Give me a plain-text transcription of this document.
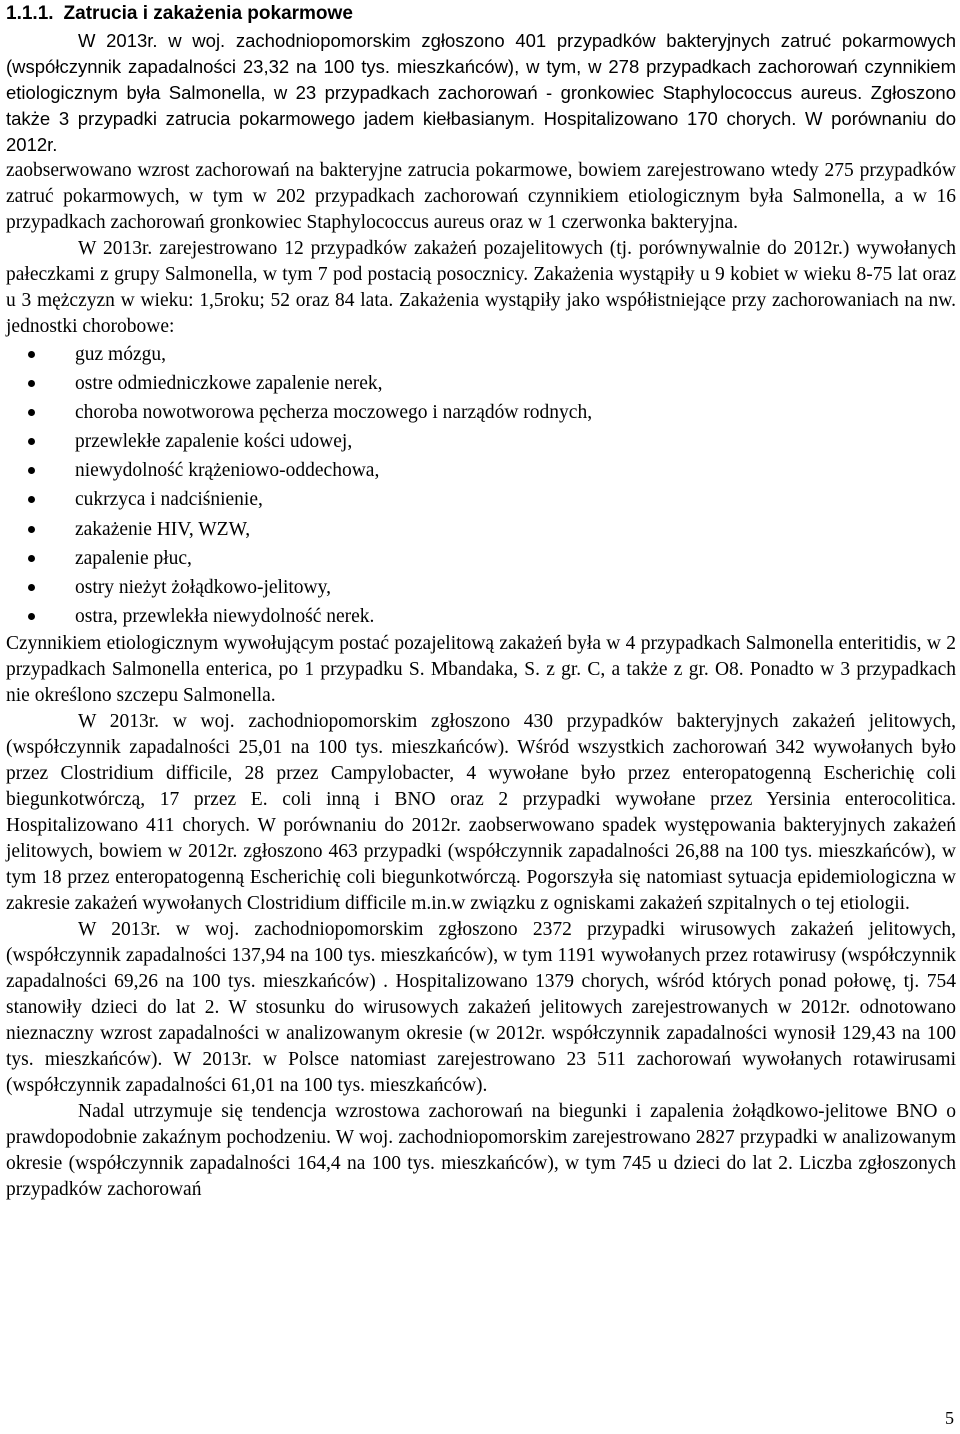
1.1.1. Zatrucia i zakażenia pokarmowe

W 2013r. w woj. zachodniopomorskim zgłoszono 401 przypadków bakteryjnych zatruć pokarmowych (współczynnik zapadalności 23,32 na 100 tys. mieszkańców), w tym, w 278 przypadkach zachorowań czynnikiem etiologicznym była Salmonella, w 23 przypadkach zachorowań - gronkowiec Staphylococcus aureus. Zgłoszono także 3 przypadki zatrucia pokarmowego jadem kiełbasianym. Hospitalizowano 170 chorych. W porównaniu do 2012r.

zaobserwowano wzrost zachorowań na bakteryjne zatrucia pokarmowe, bowiem zarejestrowano wtedy 275 przypadków zatruć pokarmowych, w tym w 202 przypadkach zachorowań czynnikiem etiologicznym była Salmonella, a w 16 przypadkach zachorowań gronkowiec Staphylococcus aureus oraz w 1 czerwonka bakteryjna.

W 2013r. zarejestrowano 12 przypadków zakażeń pozajelitowych (tj. porównywalnie do 2012r.) wywołanych pałeczkami z grupy Salmonella, w tym 7 pod postacią posocznicy. Zakażenia wystąpiły u 9 kobiet w wieku 8-75 lat oraz u 3 mężczyzn w wieku: 1,5roku; 52 oraz 84 lata. Zakażenia wystąpiły jako współistniejące przy zachorowaniach na nw. jednostki chorobowe:

guz mózgu,
ostre odmiedniczkowe zapalenie nerek,
choroba nowotworowa pęcherza moczowego i narządów rodnych,
przewlekłe zapalenie kości udowej,
niewydolność krążeniowo-oddechowa,
cukrzyca i nadciśnienie,
zakażenie HIV, WZW,
zapalenie płuc,
ostry nieżyt żołądkowo-jelitowy,
ostra, przewlekła niewydolność nerek.

Czynnikiem etiologicznym wywołującym postać pozajelitową zakażeń była w 4 przypadkach Salmonella enteritidis, w 2 przypadkach Salmonella enterica, po 1 przypadku S. Mbandaka, S. z gr. C, a także z gr. O8. Ponadto w 3 przypadkach nie określono szczepu Salmonella.

W 2013r. w woj. zachodniopomorskim zgłoszono 430 przypadków bakteryjnych zakażeń jelitowych, (współczynnik zapadalności 25,01 na 100 tys. mieszkańców). Wśród wszystkich zachorowań 342 wywołanych było przez Clostridium difficile, 28 przez Campylobacter, 4 wywołane było przez enteropatogenną Escherichię coli biegunkotwórczą, 17 przez E. coli inną i BNO oraz 2 przypadki wywołane przez Yersinia enterocolitica. Hospitalizowano 411 chorych. W porównaniu do 2012r. zaobserwowano spadek występowania bakteryjnych zakażeń jelitowych, bowiem w 2012r. zgłoszono 463 przypadki (współczynnik zapadalności 26,88 na 100 tys. mieszkańców), w tym 18 przez enteropatogenną Escherichię coli biegunkotwórczą. Pogorszyła się natomiast sytuacja epidemiologiczna w zakresie zakażeń wywołanych Clostridium difficile m.in.w związku z ogniskami zakażeń szpitalnych o tej etiologii.

W 2013r. w woj. zachodniopomorskim zgłoszono 2372 przypadki wirusowych zakażeń jelitowych, (współczynnik zapadalności 137,94 na 100 tys. mieszkańców), w tym 1191 wywołanych przez rotawirusy (współczynnik zapadalności 69,26 na 100 tys. mieszkańców) . Hospitalizowano 1379 chorych, wśród których ponad połowę, tj. 754 stanowiły dzieci do lat 2. W stosunku do wirusowych zakażeń jelitowych zarejestrowanych w 2012r. odnotowano nieznaczny wzrost zapadalności w analizowanym okresie (w 2012r. współczynnik zapadalności wynosił 129,43 na 100 tys. mieszkańców). W 2013r. w Polsce natomiast zarejestrowano 23 511 zachorowań wywołanych rotawirusami (współczynnik zapadalności 61,01 na 100 tys. mieszkańców).

Nadal utrzymuje się tendencja wzrostowa zachorowań na biegunki i zapalenia żołądkowo-jelitowe BNO o prawdopodobnie zakaźnym pochodzeniu. W woj. zachodniopomorskim zarejestrowano 2827 przypadki w analizowanym okresie (współczynnik zapadalności 164,4 na 100 tys. mieszkańców), w tym 745 u dzieci do lat 2. Liczba zgłoszonych przypadków zachorowań

5
